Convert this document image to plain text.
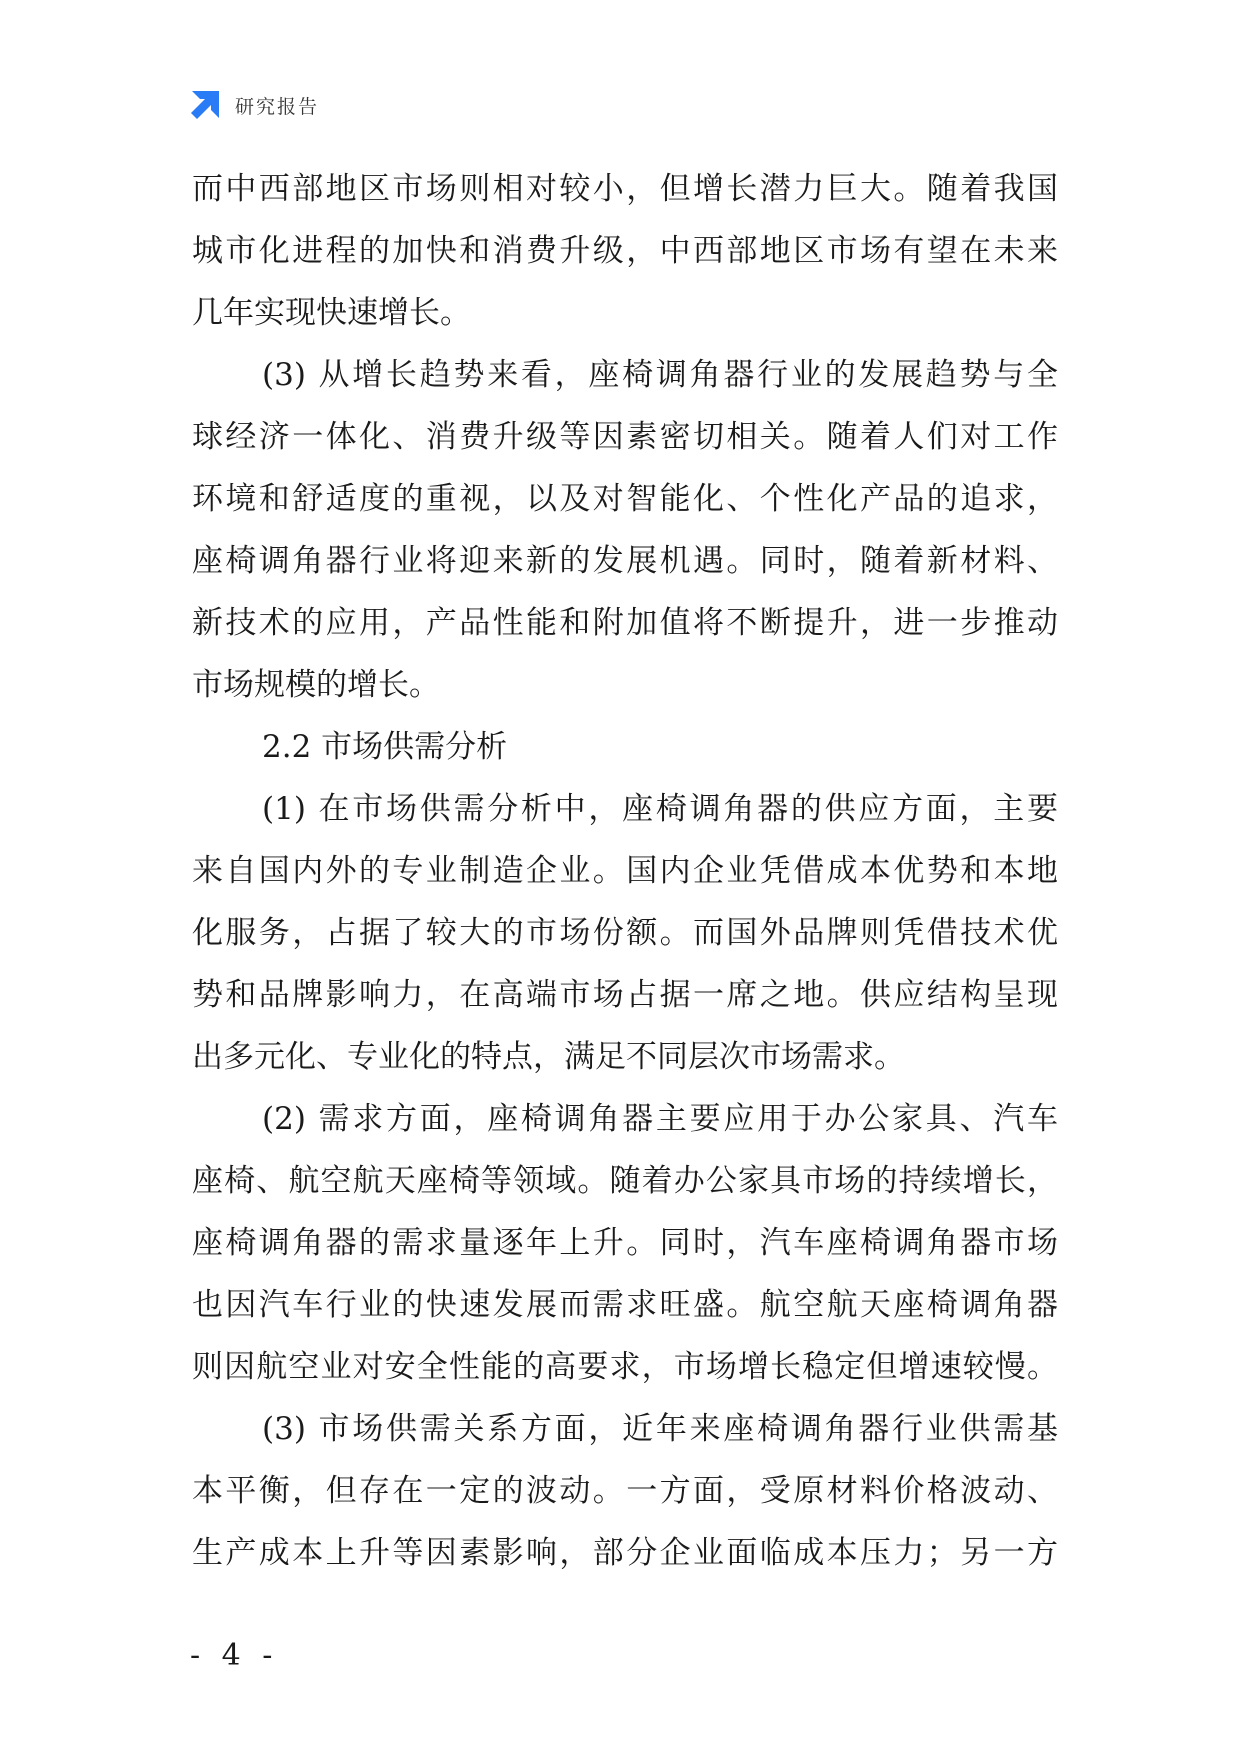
研究报告
而中西部地区市场则相对较小，但增长潜力巨大。随着我国
城市化进程的加快和消费升级，中西部地区市场有望在未来
几年实现快速增长。
(3) 从增长趋势来看，座椅调角器行业的发展趋势与全
球经济一体化、消费升级等因素密切相关。随着人们对工作
环境和舒适度的重视，以及对智能化、个性化产品的追求，
座椅调角器行业将迎来新的发展机遇。同时，随着新材料、
新技术的应用，产品性能和附加值将不断提升，进一步推动
市场规模的增长。
2.2 市场供需分析
(1) 在市场供需分析中，座椅调角器的供应方面，主要
来自国内外的专业制造企业。国内企业凭借成本优势和本地
化服务，占据了较大的市场份额。而国外品牌则凭借技术优
势和品牌影响力，在高端市场占据一席之地。供应结构呈现
出多元化、专业化的特点，满足不同层次市场需求。
(2) 需求方面，座椅调角器主要应用于办公家具、汽车
座椅、航空航天座椅等领域。随着办公家具市场的持续增长，
座椅调角器的需求量逐年上升。同时，汽车座椅调角器市场
也因汽车行业的快速发展而需求旺盛。航空航天座椅调角器
则因航空业对安全性能的高要求，市场增长稳定但增速较慢。
(3) 市场供需关系方面，近年来座椅调角器行业供需基
本平衡，但存在一定的波动。一方面，受原材料价格波动、
生产成本上升等因素影响，部分企业面临成本压力；另一方
- 4 -
